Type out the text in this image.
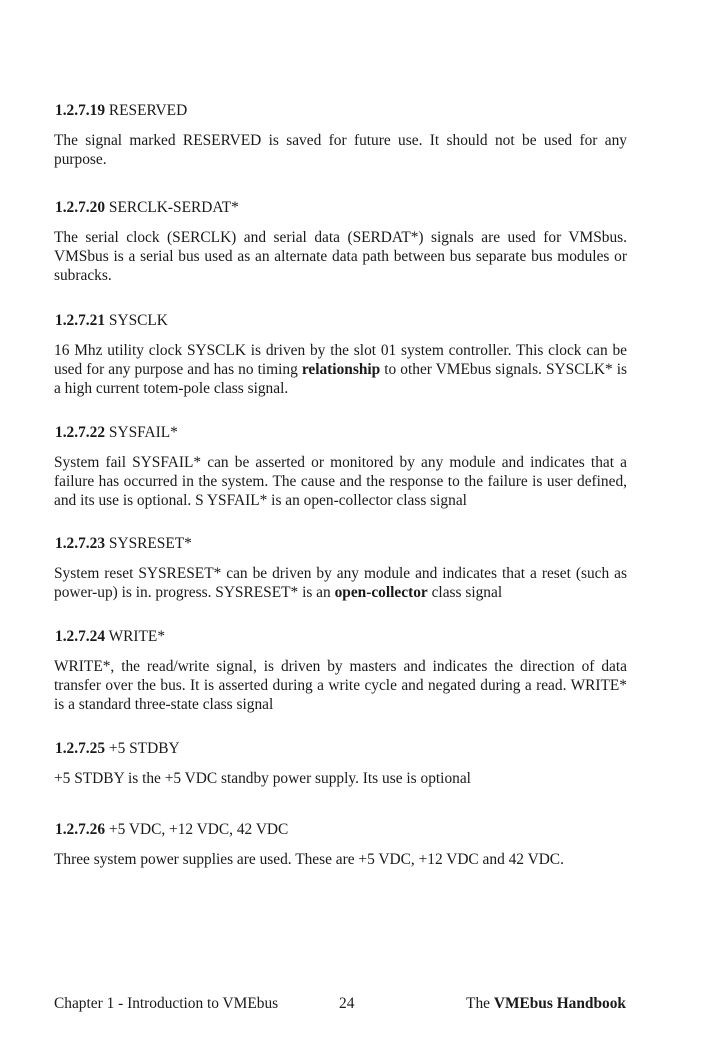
1.2.7.19 RESERVED

The signal marked RESERVED is saved for future use. It should not be used for any purpose.

1.2.7.20 SERCLK-SERDAT*

The serial clock (SERCLK) and serial data (SERDAT*) signals are used for VMSbus. VMSbus is a serial bus used as an alternate data path between bus separate bus modules or subracks.

1.2.7.21 SYSCLK

16 Mhz utility clock SYSCLK is driven by the slot 01 system controller. This clock can be used for any purpose and has no timing relationship to other VMEbus signals. SYSCLK* is a high current totem-pole class signal.

1.2.7.22 SYSFAIL*

System fail SYSFAIL* can be asserted or monitored by any module and indicates that a failure has occurred in the system. The cause and the response to the failure is user defined, and its use is optional. S YSFAIL* is an open-collector class signal

1.2.7.23 SYSRESET*

System reset SYSRESET* can be driven by any module and indicates that a reset (such as power-up) is in. progress. SYSRESET* is an open-collector class signal

1.2.7.24 WRITE*

WRITE*, the read/write signal, is driven by masters and indicates the direction of data transfer over the bus. It is asserted during a write cycle and negated during a read. WRITE* is a standard three-state class signal

1.2.7.25 +5 STDBY

+5 STDBY is the +5 VDC standby power supply. Its use is optional

1.2.7.26 +5 VDC, +12 VDC, 42 VDC

Three system power supplies are used. These are +5 VDC, +12 VDC and 42 VDC.

Chapter 1 - Introduction to VMEbus	24	The VMEbus Handbook
